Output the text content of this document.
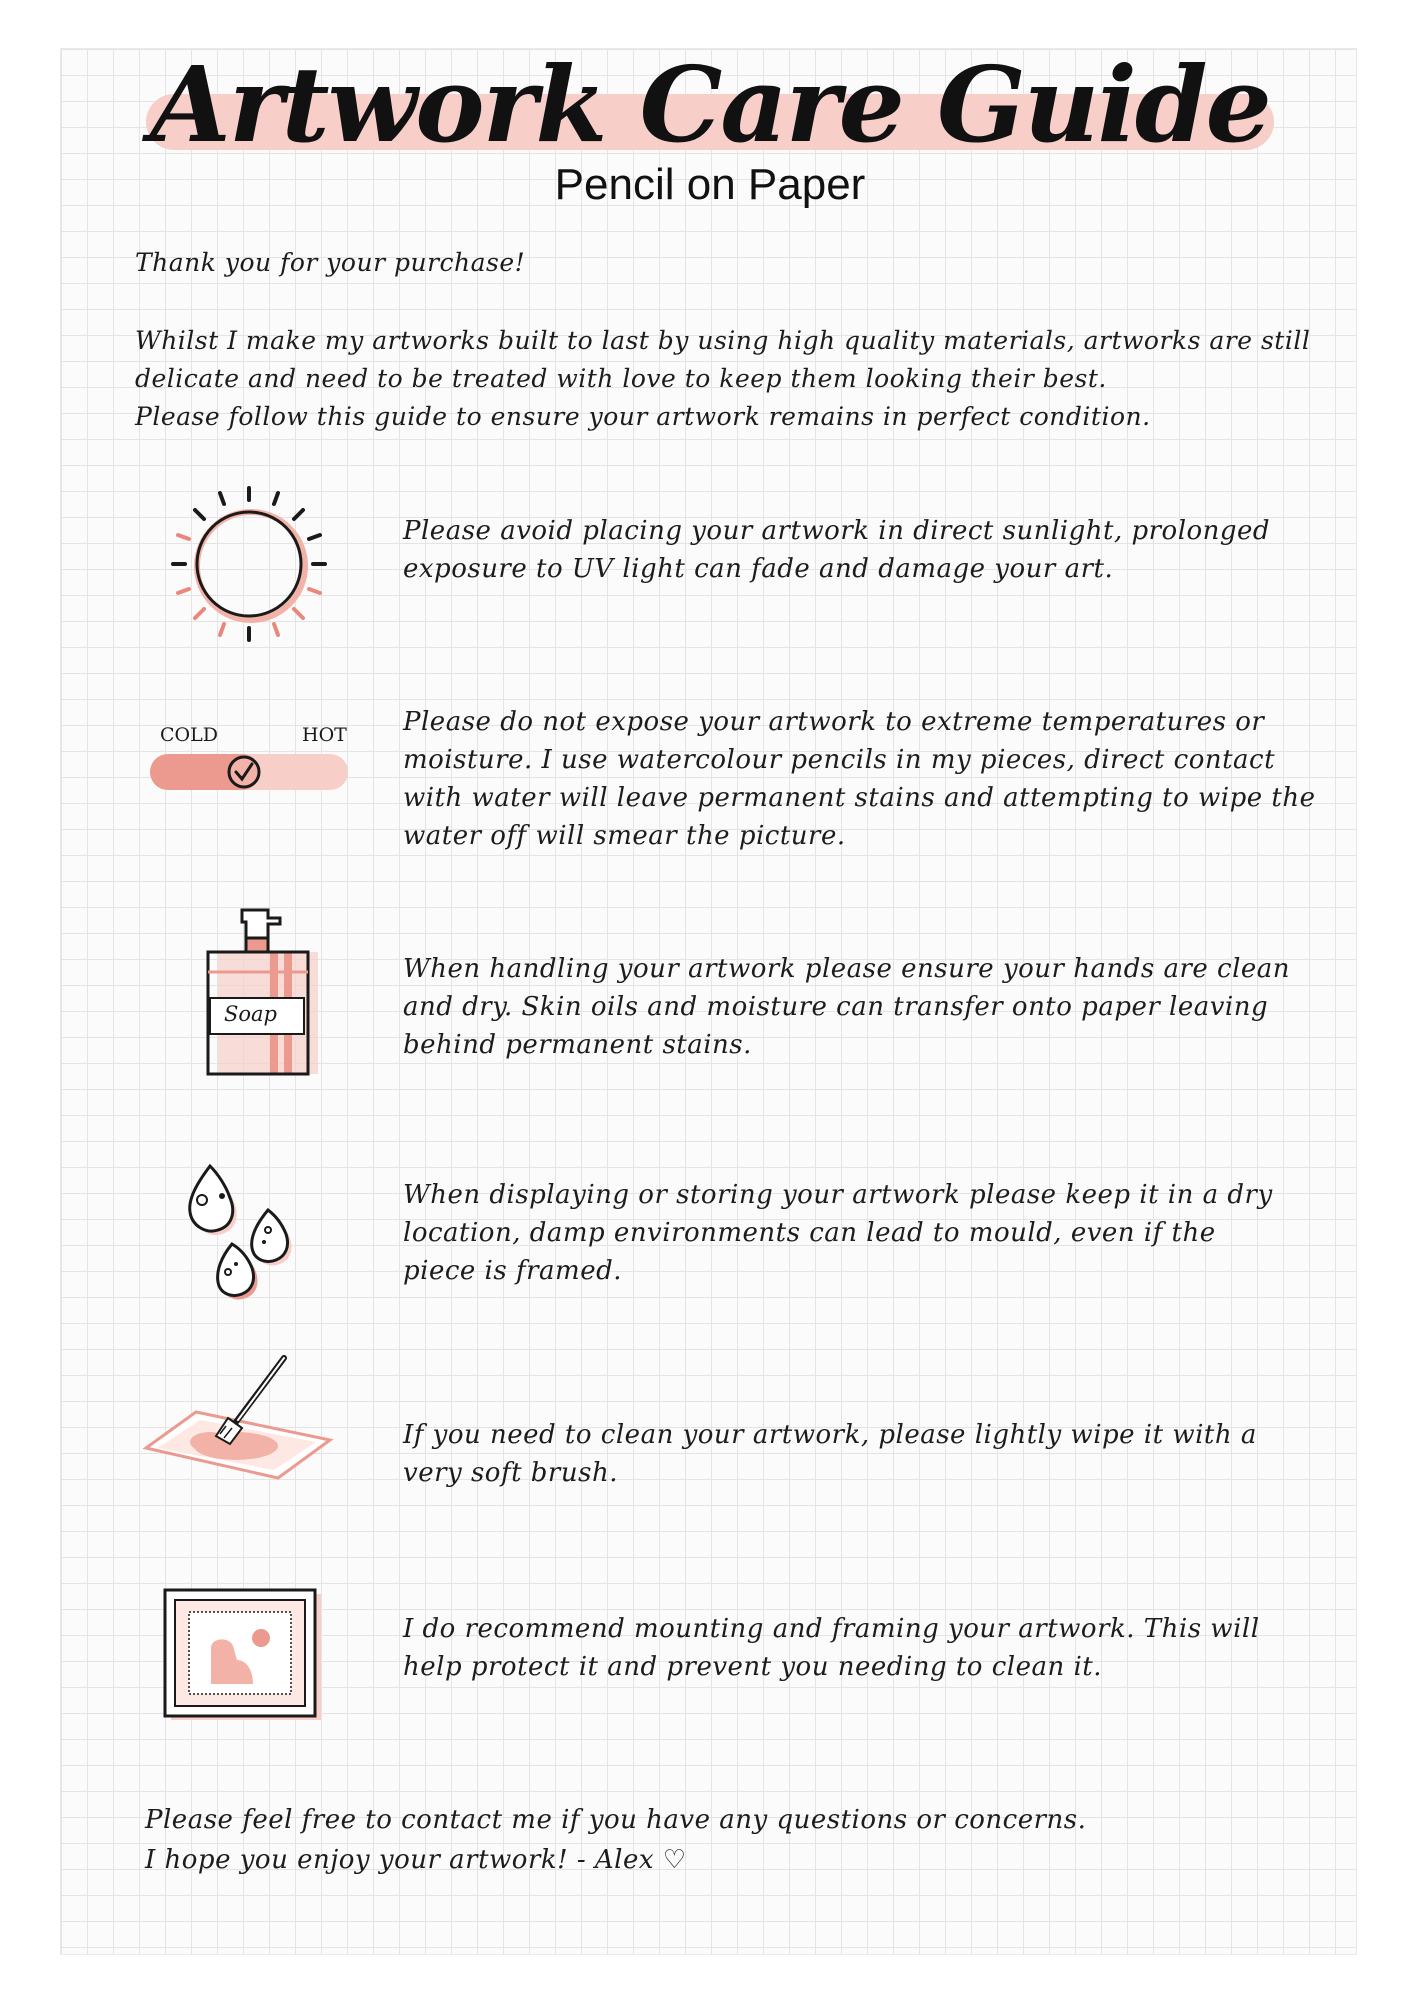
Artwork Care Guide
Pencil on Paper
Thank you for your purchase!
Whilst I make my artworks built to last by using high quality materials, artworks are still
delicate and need to be treated with love to keep them looking their best.
Please follow this guide to ensure your artwork remains in perfect condition.
Please avoid placing your artwork in direct sunlight, prolonged
exposure to UV light can fade and damage your art.
COLD	HOT Please do not expose your artwork to extreme temperatures or
moisture. I use watercolour pencils in my pieces, direct contact
with water will leave permanent stains and attempting to wipe the
water off will smear the picture.
Soap
When handling your artwork please ensure your hands are clean
and dry. Skin oils and moisture can transfer onto paper leaving
behind permanent stains.
When displaying or storing your artwork please keep it in a dry
location, damp environments can lead to mould, even if the
piece is framed.
If you need to clean your artwork, please lightly wipe it with a
very soft brush.
I do recommend mounting and framing your artwork. This will
help protect it and prevent you needing to clean it.
Please feel free to contact me if you have any questions or concerns.
I hope you enjoy your artwork! - Alex ♡
